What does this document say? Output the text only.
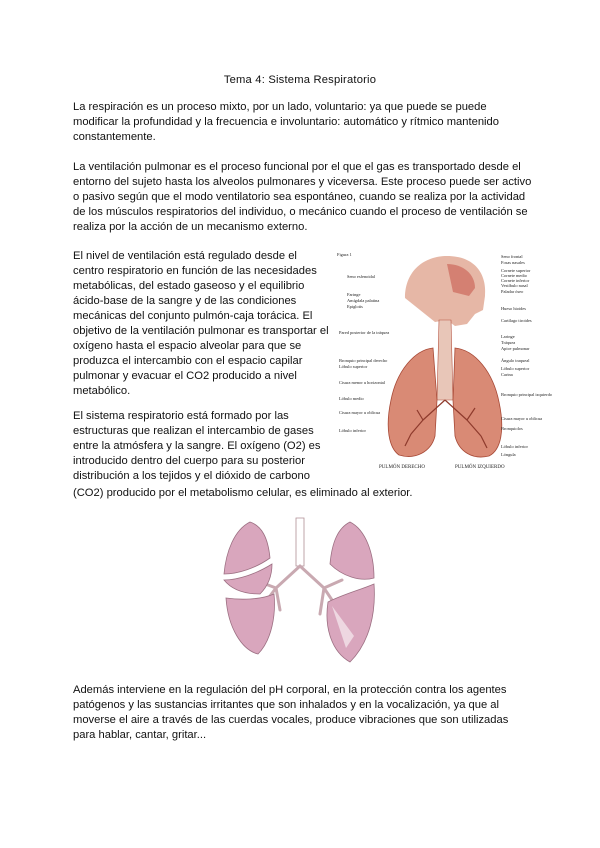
Tema 4: Sistema Respiratorio

La respiración es un proceso mixto, por un lado, voluntario: ya que puede se puede modificar la profundidad y la frecuencia e involuntario: automático y rítmico mantenido constantemente.

La ventilación pulmonar es el proceso funcional por el que el gas es transportado desde el entorno del sujeto hasta los alveolos pulmonares y viceversa. Este proceso puede ser activo o pasivo según que el modo ventilatorio sea espontáneo, cuando se realiza por la actividad de los músculos respiratorios del individuo, o mecánico cuando el proceso de ventilación se realiza por la acción de un mecanismo externo.

El nivel de ventilación está regulado desde el centro respiratorio en función de las necesidades metabólicas, del estado gaseoso y el equilibrio ácido-base de la sangre y de las condiciones mecánicas del conjunto pulmón-caja torácica. El objetivo de la ventilación pulmonar es transportar el oxígeno hasta el espacio alveolar para que se produzca el intercambio con el espacio capilar pulmonar y evacuar el CO2 producido a nivel metabólico.

El sistema respiratorio está formado por las estructuras que realizan el intercambio de gases entre la atmósfera y la sangre. El oxígeno (O2) es introducido dentro del cuerpo para su posterior distribución a los tejidos y el dióxido de carbono

(CO2) producido por el metabolismo celular, es eliminado al exterior.

Figura 1
Seno esfenoidal
Faringe
Amígdala palatina
Epiglotis
Pared posterior de la tráquea
Bronquio principal derecho
Lóbulo superior
Cisura menor u horizontal
Lóbulo medio
Cisura mayor u oblicua
Lóbulo inferior
Seno frontal
Fosas nasales
Cornete superior
Cornete medio
Cornete inferior
Vestíbulo nasal
Paladar óseo
Hueso hioides
Cartílago tiroides
Laringe
Tráquea
Apice pulmonar
Ángulo traqueal
Lóbulo superior
Carina
Bronquio principal izquierdo
Cisura mayor u oblicua
Bronquiolos
Lóbulo inferior
Lóngula
PULMÓN DERECHO	PULMÓN IZQUIERDO

Además interviene en la regulación del pH corporal, en la protección contra los agentes patógenos y las sustancias irritantes que son inhalados y en la vocalización, ya que al moverse el aire a través de las cuerdas vocales, produce vibraciones que son utilizadas para hablar, cantar, gritar...
